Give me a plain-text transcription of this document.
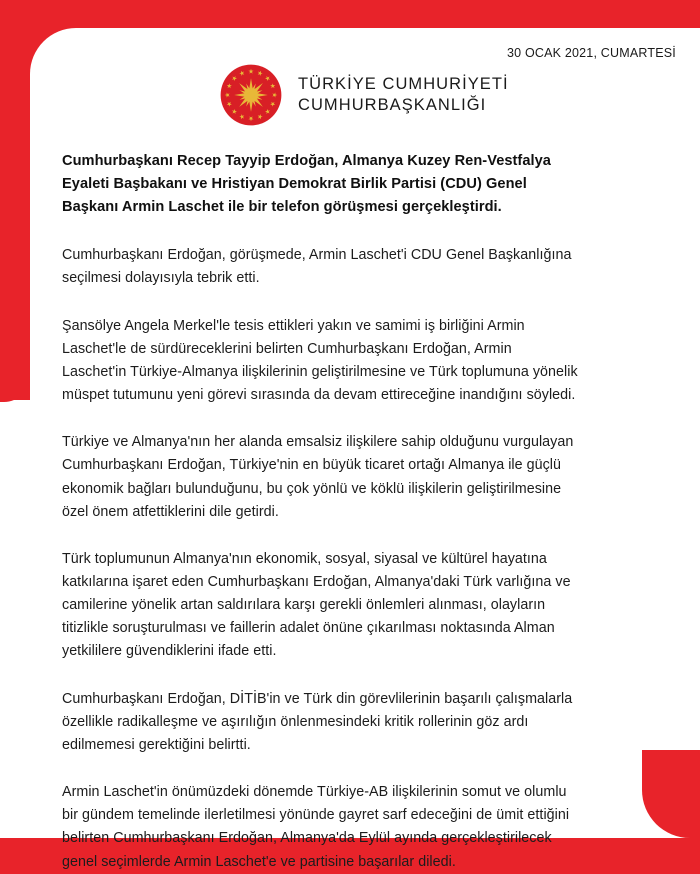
30 OCAK 2021, CUMARTESİ
TÜRKİYE CUMHURİYETİ
CUMHURBAŞKANLIĞI
Cumhurbaşkanı Recep Tayyip Erdoğan, Almanya Kuzey Ren-Vestfalya Eyaleti Başbakanı ve Hristiyan Demokrat Birlik Partisi (CDU) Genel Başkanı Armin Laschet ile bir telefon görüşmesi gerçekleştirdi.

Cumhurbaşkanı Erdoğan, görüşmede, Armin Laschet'i CDU Genel Başkanlığına seçilmesi dolayısıyla tebrik etti.

Şansölye Angela Merkel'le tesis ettikleri yakın ve samimi iş birliğini Armin Laschet'le de sürdüreceklerini belirten Cumhurbaşkanı Erdoğan, Armin Laschet'in Türkiye-Almanya ilişkilerinin geliştirilmesine ve Türk toplumuna yönelik müspet tutumunu yeni görevi sırasında da devam ettireceğine inandığını söyledi.

Türkiye ve Almanya'nın her alanda emsalsiz ilişkilere sahip olduğunu vurgulayan Cumhurbaşkanı Erdoğan, Türkiye'nin en büyük ticaret ortağı Almanya ile güçlü ekonomik bağları bulunduğunu, bu çok yönlü ve köklü ilişkilerin geliştirilmesine özel önem atfettiklerini dile getirdi.

Türk toplumunun Almanya'nın ekonomik, sosyal, siyasal ve kültürel hayatına katkılarına işaret eden Cumhurbaşkanı Erdoğan, Almanya'daki Türk varlığına ve camilerine yönelik artan saldırılara karşı gerekli önlemleri alınması, olayların titizlikle soruşturulması ve faillerin adalet önüne çıkarılması noktasında Alman yetkililere güvendiklerini ifade etti.

Cumhurbaşkanı Erdoğan, DİTİB'in ve Türk din görevlilerinin başarılı çalışmalarla özellikle radikalleşme ve aşırılığın önlenmesindeki kritik rollerinin göz ardı edilmemesi gerektiğini belirtti.

Armin Laschet'in önümüzdeki dönemde Türkiye-AB ilişkilerinin somut ve olumlu bir gündem temelinde ilerletilmesi yönünde gayret sarf edeceğini de ümit ettiğini belirten Cumhurbaşkanı Erdoğan, Almanya'da Eylül ayında gerçekleştirilecek genel seçimlerde Armin Laschet'e ve partisine başarılar diledi.
